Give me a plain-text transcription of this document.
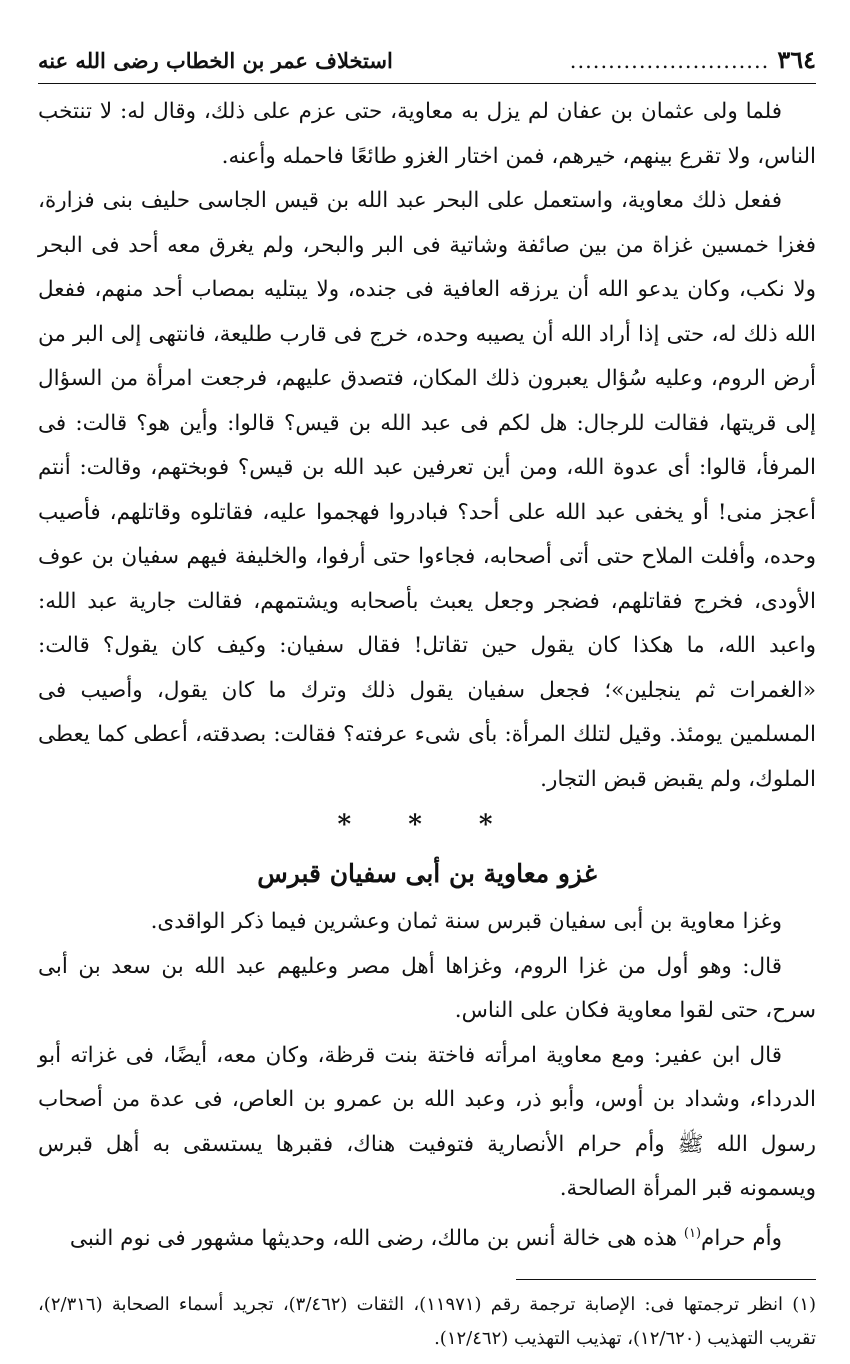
٣٦٤
..........................
استخلاف عمر بن الخطاب رضى الله عنه

فلما ولى عثمان بن عفان لم يزل به معاوية، حتى عزم على ذلك، وقال له: لا تنتخب الناس، ولا تقرع بينهم، خيرهم، فمن اختار الغزو طائعًا فاحمله وأعنه.

ففعل ذلك معاوية، واستعمل على البحر عبد الله بن قيس الجاسى حليف بنى فزارة، فغزا خمسين غزاة من بين صائفة وشاتية فى البر والبحر، ولم يغرق معه أحد فى البحر ولا نكب، وكان يدعو الله أن يرزقه العافية فى جنده، ولا يبتليه بمصاب أحد منهم، ففعل الله ذلك له، حتى إذا أراد الله أن يصيبه وحده، خرج فى قارب طليعة، فانتهى إلى البر من أرض الروم، وعليه سُؤال يعبرون ذلك المكان، فتصدق عليهم، فرجعت امرأة من السؤال إلى قريتها، فقالت للرجال: هل لكم فى عبد الله بن قيس؟ قالوا: وأين هو؟ قالت: فى المرفأ، قالوا: أى عدوة الله، ومن أين تعرفين عبد الله بن قيس؟ فوبختهم، وقالت: أنتم أعجز منى! أو يخفى عبد الله على أحد؟ فبادروا فهجموا عليه، فقاتلوه وقاتلهم، فأصيب وحده، وأفلت الملاح حتى أتى أصحابه، فجاءوا حتى أرفوا، والخليفة فيهم سفيان بن عوف الأودى، فخرج فقاتلهم، فضجر وجعل يعبث بأصحابه ويشتمهم، فقالت جارية عبد الله: واعبد الله، ما هكذا كان يقول حين تقاتل! فقال سفيان: وكيف كان يقول؟ قالت: «الغمرات ثم ينجلين»؛ فجعل سفيان يقول ذلك وترك ما كان يقول، وأصيب فى المسلمين يومئذ. وقيل لتلك المرأة: بأى شىء عرفته؟ فقالت: بصدقته، أعطى كما يعطى الملوك، ولم يقبض قبض التجار.

* * *
غزو معاوية بن أبى سفيان قبرس

وغزا معاوية بن أبى سفيان قبرس سنة ثمان وعشرين فيما ذكر الواقدى.

قال: وهو أول من غزا الروم، وغزاها أهل مصر وعليهم عبد الله بن سعد بن أبى سرح، حتى لقوا معاوية فكان على الناس.

قال ابن عفير: ومع معاوية امرأته فاختة بنت قرظة، وكان معه، أيضًا، فى غزاته أبو الدرداء، وشداد بن أوس، وأبو ذر، وعبد الله بن عمرو بن العاص، فى عدة من أصحاب رسول الله ﷺ وأم حرام الأنصارية فتوفيت هناك، فقبرها يستسقى به أهل قبرس ويسمونه قبر المرأة الصالحة.

وأم حرام$^{(١)}$ هذه هى خالة أنس بن مالك، رضى الله، وحديثها مشهور فى نوم النبى

(١) انظر ترجمتها فى: الإصابة ترجمة رقم (١١٩٧١)، الثقات (٣/٤٦٢)، تجريد أسماء الصحابة (٢/٣١٦)، تقريب التهذيب (١٢/٦٢٠)، تهذيب التهذيب (١٢/٤٦٢).
